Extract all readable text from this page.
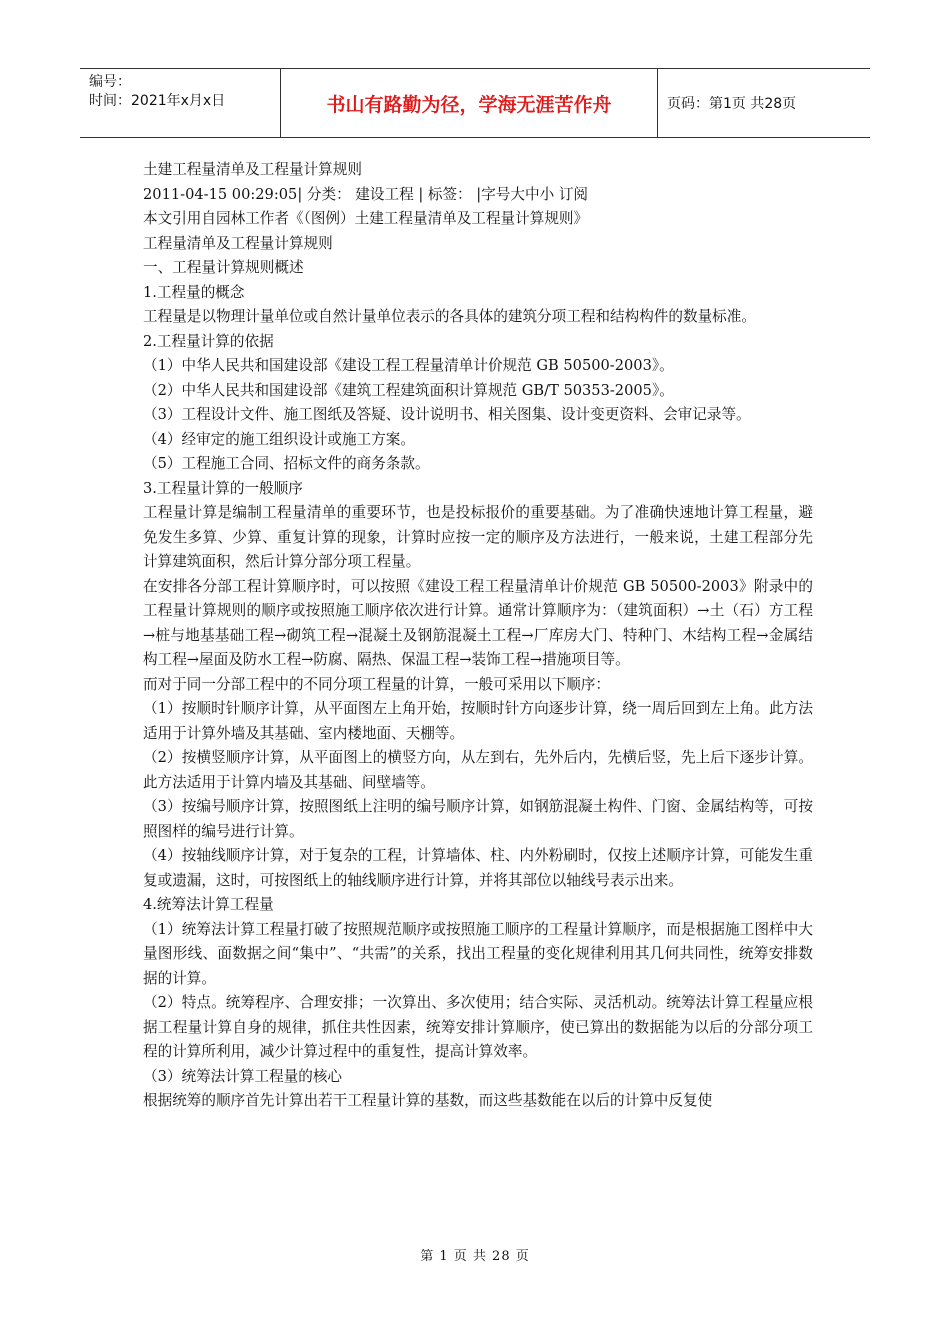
编号：
时间：2021年x月x日	书山有路勤为径，学海无涯苦作舟	页码：第1页 共28页

土建工程量清单及工程量计算规则

2011-04-15 00:29:05| 分类： 建设工程 | 标签： |字号大中小 订阅

本文引用自园林工作者《（图例）土建工程量清单及工程量计算规则》

工程量清单及工程量计算规则

一、工程量计算规则概述

1.工程量的概念

工程量是以物理计量单位或自然计量单位表示的各具体的建筑分项工程和结构构件的数量标准。

2.工程量计算的依据

（1）中华人民共和国建设部《建设工程工程量清单计价规范 GB 50500-2003》。

（2）中华人民共和国建设部《建筑工程建筑面积计算规范 GB/T 50353-2005》。

（3）工程设计文件、施工图纸及答疑、设计说明书、相关图集、设计变更资料、会审记录等。

（4）经审定的施工组织设计或施工方案。

（5）工程施工合同、招标文件的商务条款。

3.工程量计算的一般顺序

工程量计算是编制工程量清单的重要环节，也是投标报价的重要基础。为了准确快速地计算工程量，避免发生多算、少算、重复计算的现象，计算时应按一定的顺序及方法进行，一般来说，土建工程部分先计算建筑面积，然后计算分部分项工程量。

在安排各分部工程计算顺序时，可以按照《建设工程工程量清单计价规范 GB 50500-2003》附录中的工程量计算规则的顺序或按照施工顺序依次进行计算。通常计算顺序为：（建筑面积）→土（石）方工程→桩与地基基础工程→砌筑工程→混凝土及钢筋混凝土工程→厂库房大门、特种门、木结构工程→金属结构工程→屋面及防水工程→防腐、隔热、保温工程→装饰工程→措施项目等。

而对于同一分部工程中的不同分项工程量的计算，一般可采用以下顺序：

（1）按顺时针顺序计算，从平面图左上角开始，按顺时针方向逐步计算，绕一周后回到左上角。此方法适用于计算外墙及其基础、室内楼地面、天棚等。

（2）按横竖顺序计算，从平面图上的横竖方向，从左到右，先外后内，先横后竖，先上后下逐步计算。此方法适用于计算内墙及其基础、间壁墙等。

（3）按编号顺序计算，按照图纸上注明的编号顺序计算，如钢筋混凝土构件、门窗、金属结构等，可按照图样的编号进行计算。

（4）按轴线顺序计算，对于复杂的工程，计算墙体、柱、内外粉刷时，仅按上述顺序计算，可能发生重复或遗漏，这时，可按图纸上的轴线顺序进行计算，并将其部位以轴线号表示出来。

4.统筹法计算工程量

（1）统筹法计算工程量打破了按照规范顺序或按照施工顺序的工程量计算顺序，而是根据施工图样中大量图形线、面数据之间“集中”、“共需”的关系，找出工程量的变化规律利用其几何共同性，统筹安排数据的计算。

（2）特点。统筹程序、合理安排；一次算出、多次使用；结合实际、灵活机动。统筹法计算工程量应根据工程量计算自身的规律，抓住共性因素，统筹安排计算顺序，使已算出的数据能为以后的分部分项工程的计算所利用，减少计算过程中的重复性，提高计算效率。

（3）统筹法计算工程量的核心

根据统筹的顺序首先计算出若干工程量计算的基数，而这些基数能在以后的计算中反复使

第 1 页 共 28 页
